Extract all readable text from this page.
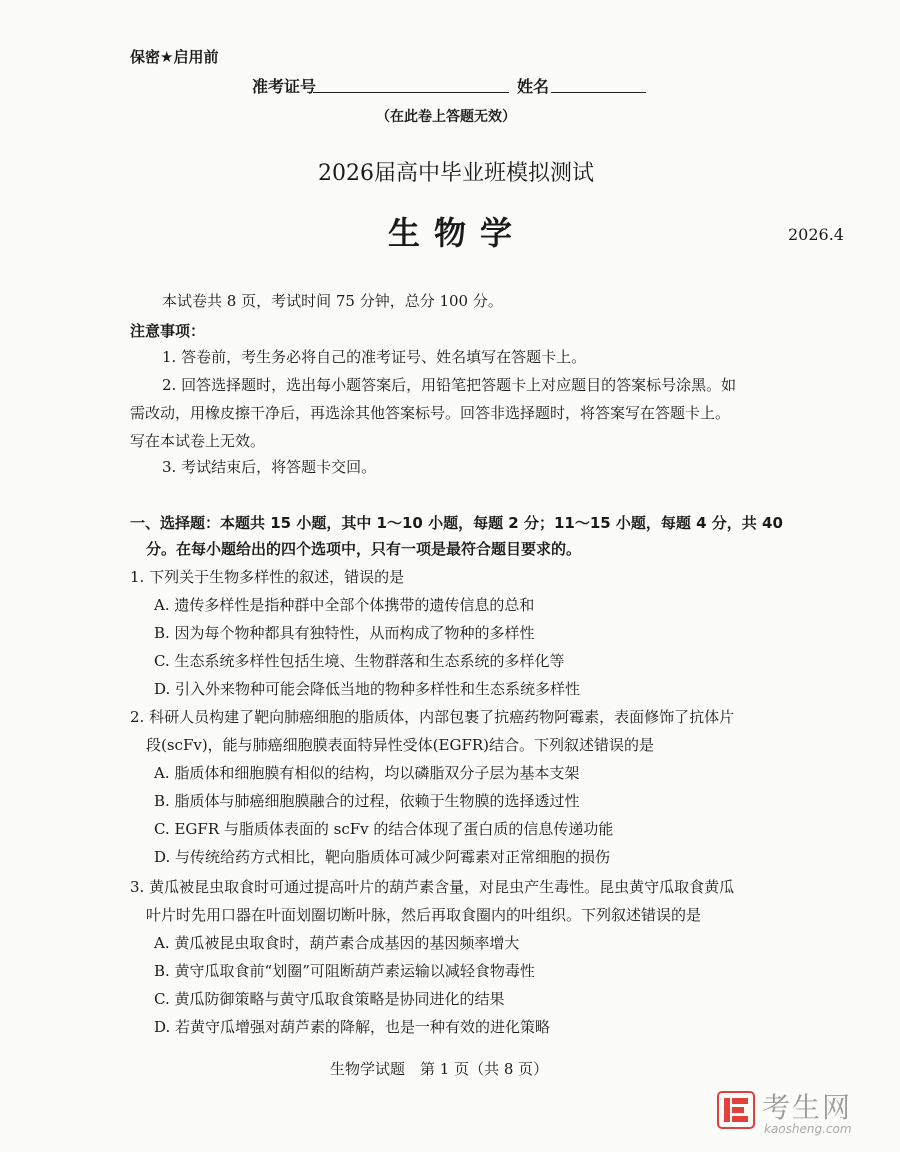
保密★启用前
准考证号	姓名
（在此卷上答题无效）
2026届高中毕业班模拟测试
生物学	2026.4
本试卷共 8 页，考试时间 75 分钟，总分 100 分。
注意事项：
1. 答卷前，考生务必将自己的准考证号、姓名填写在答题卡上。
2. 回答选择题时，选出每小题答案后，用铅笔把答题卡上对应题目的答案标号涂黑。如
需改动，用橡皮擦干净后，再选涂其他答案标号。回答非选择题时，将答案写在答题卡上。
写在本试卷上无效。
3. 考试结束后，将答题卡交回。
一、选择题：本题共 15 小题，其中 1～10 小题，每题 2 分；11～15 小题，每题 4 分，共 40
分。在每小题给出的四个选项中，只有一项是最符合题目要求的。
1. 下列关于生物多样性的叙述，错误的是
A. 遗传多样性是指种群中全部个体携带的遗传信息的总和
B. 因为每个物种都具有独特性，从而构成了物种的多样性
C. 生态系统多样性包括生境、生物群落和生态系统的多样化等
D. 引入外来物种可能会降低当地的物种多样性和生态系统多样性
2. 科研人员构建了靶向肺癌细胞的脂质体，内部包裹了抗癌药物阿霉素，表面修饰了抗体片
段(scFv)，能与肺癌细胞膜表面特异性受体(EGFR)结合。下列叙述错误的是
A. 脂质体和细胞膜有相似的结构，均以磷脂双分子层为基本支架
B. 脂质体与肺癌细胞膜融合的过程，依赖于生物膜的选择透过性
C. EGFR 与脂质体表面的 scFv 的结合体现了蛋白质的信息传递功能
D. 与传统给药方式相比，靶向脂质体可减少阿霉素对正常细胞的损伤
3. 黄瓜被昆虫取食时可通过提高叶片的葫芦素含量，对昆虫产生毒性。昆虫黄守瓜取食黄瓜
叶片时先用口器在叶面划圈切断叶脉，然后再取食圈内的叶组织。下列叙述错误的是
A. 黄瓜被昆虫取食时，葫芦素合成基因的基因频率增大
B. 黄守瓜取食前“划圈”可阻断葫芦素运输以减轻食物毒性
C. 黄瓜防御策略与黄守瓜取食策略是协同进化的结果
D. 若黄守瓜增强对葫芦素的降解，也是一种有效的进化策略
生物学试题　第 1 页（共 8 页）
考生网
kaosheng.com
